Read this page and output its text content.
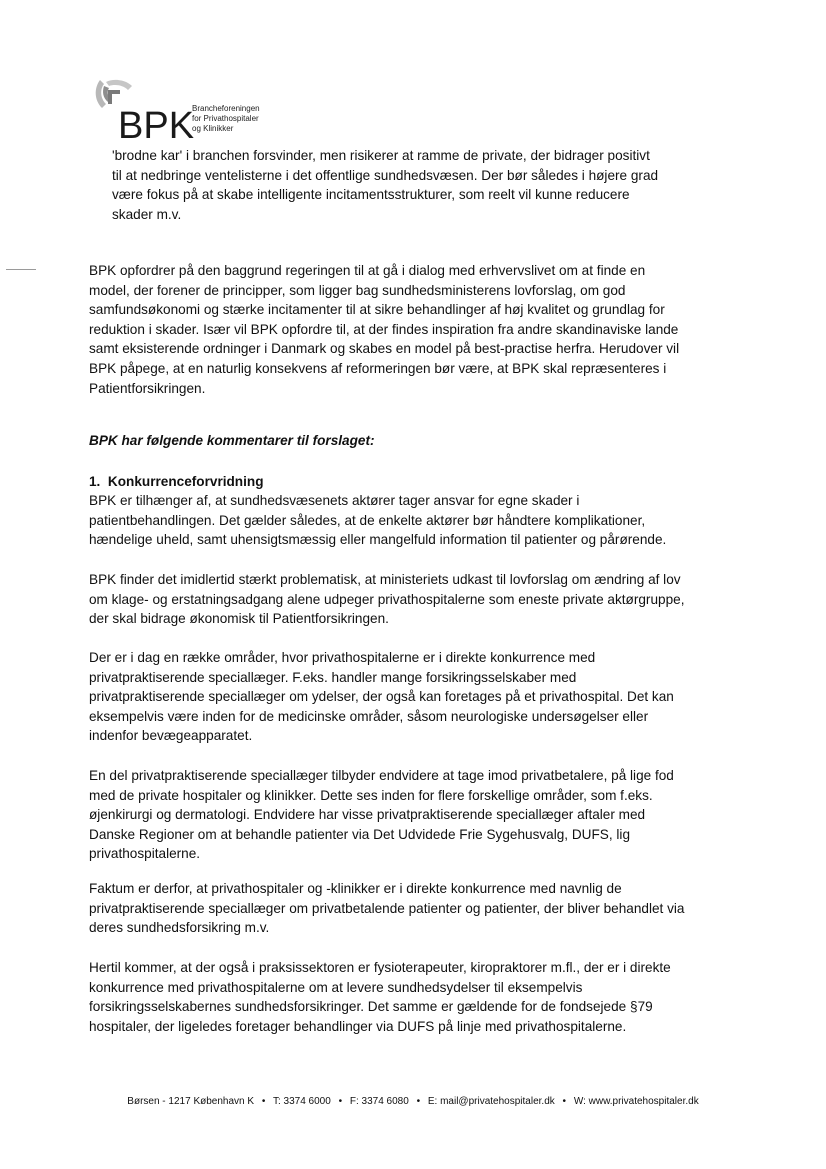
BPK
Brancheforeningen
for Privathospitaler
og Klinikker

'brodne kar' i branchen forsvinder, men risikerer at ramme de private, der bidrager positivt

til at nedbringe ventelisterne i det offentlige sundhedsvæsen. Der bør således i højere grad

være fokus på at skabe intelligente incitamentsstrukturer, som reelt vil kunne reducere

skader m.v.

BPK opfordrer på den baggrund regeringen til at gå i dialog med erhvervslivet om at finde en

model, der forener de principper, som ligger bag sundhedsministerens lovforslag, om god

samfundsøkonomi og stærke incitamenter til at sikre behandlinger af høj kvalitet og grundlag for

reduktion i skader. Især vil BPK opfordre til, at der findes inspiration fra andre skandinaviske lande

samt eksisterende ordninger i Danmark og skabes en model på best-practise herfra. Herudover vil

BPK påpege, at en naturlig konsekvens af reformeringen bør være, at BPK skal repræsenteres i

Patientforsikringen.

BPK har følgende kommentarer til forslaget:
1. Konkurrenceforvridning

BPK er tilhænger af, at sundhedsvæsenets aktører tager ansvar for egne skader i

patientbehandlingen. Det gælder således, at de enkelte aktører bør håndtere komplikationer,

hændelige uheld, samt uhensigtsmæssig eller mangelfuld information til patienter og pårørende.

BPK finder det imidlertid stærkt problematisk, at ministeriets udkast til lovforslag om ændring af lov

om klage- og erstatningsadgang alene udpeger privathospitalerne som eneste private aktørgruppe,

der skal bidrage økonomisk til Patientforsikringen.

Der er i dag en række områder, hvor privathospitalerne er i direkte konkurrence med

privatpraktiserende speciallæger. F.eks. handler mange forsikringsselskaber med

privatpraktiserende speciallæger om ydelser, der også kan foretages på et privathospital. Det kan

eksempelvis være inden for de medicinske områder, såsom neurologiske undersøgelser eller

indenfor bevægeapparatet.

En del privatpraktiserende speciallæger tilbyder endvidere at tage imod privatbetalere, på lige fod

med de private hospitaler og klinikker. Dette ses inden for flere forskellige områder, som f.eks.

øjenkirurgi og dermatologi. Endvidere har visse privatpraktiserende speciallæger aftaler med

Danske Regioner om at behandle patienter via Det Udvidede Frie Sygehusvalg, DUFS, lig

privathospitalerne.

Faktum er derfor, at privathospitaler og -klinikker er i direkte konkurrence med navnlig de

privatpraktiserende speciallæger om privatbetalende patienter og patienter, der bliver behandlet via

deres sundhedsforsikring m.v.

Hertil kommer, at der også i praksissektoren er fysioterapeuter, kiropraktorer m.fl., der er i direkte

konkurrence med privathospitalerne om at levere sundhedsydelser til eksempelvis

forsikringsselskabernes sundhedsforsikringer. Det samme er gældende for de fondsejede §79

hospitaler, der ligeledes foretager behandlinger via DUFS på linje med privathospitalerne.

Børsen - 1217 København K • T: 3374 6000 • F: 3374 6080 • E: mail@privatehospitaler.dk • W: www.privatehospitaler.dk
